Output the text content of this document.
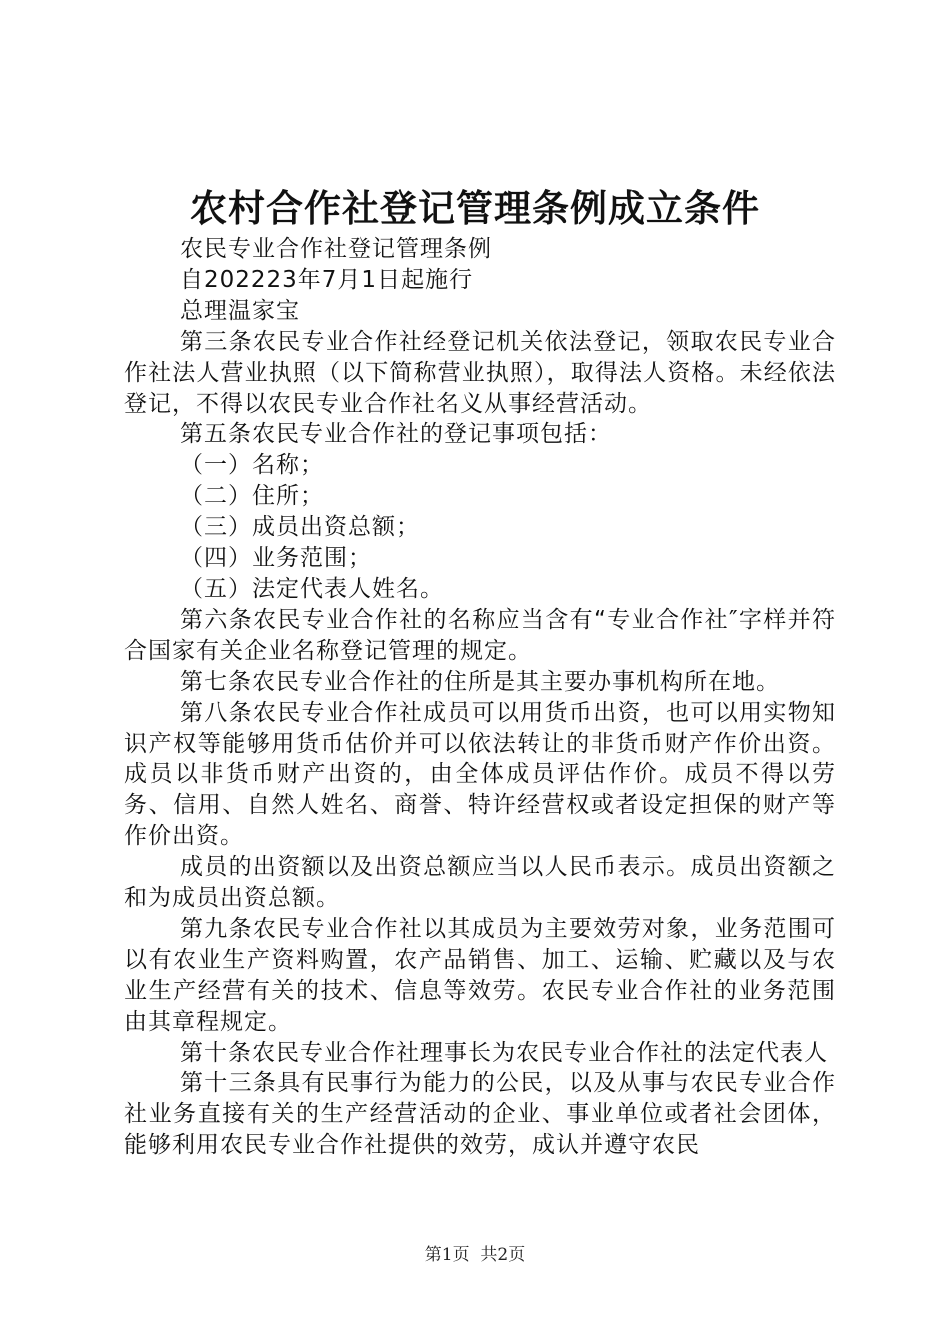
农村合作社登记管理条例成立条件

农民专业合作社登记管理条例

自202223年7月1日起施行

总理温家宝

第三条农民专业合作社经登记机关依法登记，领取农民专业合作社法人营业执照（以下简称营业执照），取得法人资格。未经依法登记，不得以农民专业合作社名义从事经营活动。

第五条农民专业合作社的登记事项包括：

（一）名称；

（二）住所；

（三）成员出资总额；

（四）业务范围；

（五）法定代表人姓名。

第六条农民专业合作社的名称应当含有“专业合作社″字样并符合国家有关企业名称登记管理的规定。

第七条农民专业合作社的住所是其主要办事机构所在地。

第八条农民专业合作社成员可以用货币出资，也可以用实物知识产权等能够用货币估价并可以依法转让的非货币财产作价出资。成员以非货币财产出资的，由全体成员评估作价。成员不得以劳务、信用、自然人姓名、商誉、特许经营权或者设定担保的财产等作价出资。

成员的出资额以及出资总额应当以人民币表示。成员出资额之和为成员出资总额。

第九条农民专业合作社以其成员为主要效劳对象，业务范围可以有农业生产资料购置，农产品销售、加工、运输、贮藏以及与农业生产经营有关的技术、信息等效劳。农民专业合作社的业务范围由其章程规定。

第十条农民专业合作社理事长为农民专业合作社的法定代表人

第十三条具有民事行为能力的公民，以及从事与农民专业合作社业务直接有关的生产经营活动的企业、事业单位或者社会团体，能够利用农民专业合作社提供的效劳，成认并遵守农民

第1页  共2页
